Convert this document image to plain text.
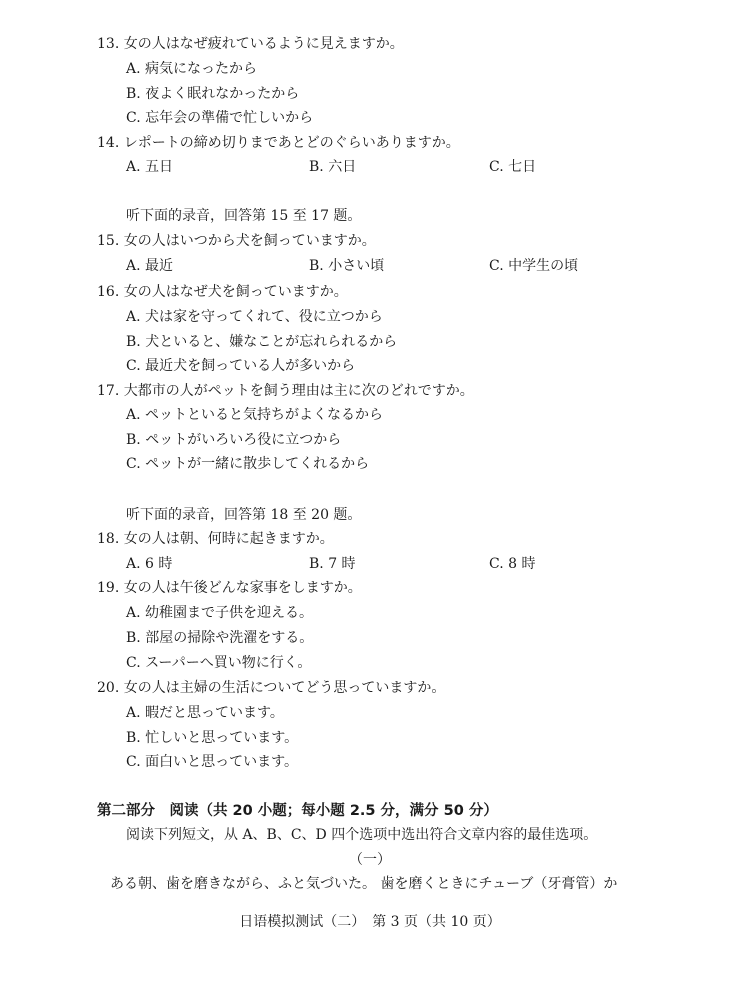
13. 女の人はなぜ疲れているように見えますか。
A. 病気になったから
B. 夜よく眠れなかったから
C. 忘年会の準備で忙しいから
14. レポートの締め切りまであとどのぐらいありますか。
A. 五日	B. 六日	C. 七日
听下面的录音，回答第 15 至 17 题。
15. 女の人はいつから犬を飼っていますか。
A. 最近	B. 小さい頃	C. 中学生の頃
16. 女の人はなぜ犬を飼っていますか。
A. 犬は家を守ってくれて、役に立つから
B. 犬といると、嫌なことが忘れられるから
C. 最近犬を飼っている人が多いから
17. 大都市の人がペットを飼う理由は主に次のどれですか。
A. ペットといると気持ちがよくなるから
B. ペットがいろいろ役に立つから
C. ペットが一緒に散歩してくれるから
听下面的录音，回答第 18 至 20 题。
18. 女の人は朝、何時に起きますか。
A. 6 時	B. 7 時	C. 8 時
19. 女の人は午後どんな家事をしますか。
A. 幼稚園まで子供を迎える。
B. 部屋の掃除や洗濯をする。
C. スーパーへ買い物に行く。
20. 女の人は主婦の生活についてどう思っていますか。
A. 暇だと思っています。
B. 忙しいと思っています。
C. 面白いと思っています。
第二部分　阅读（共 20 小题；每小题 2.5 分，满分 50 分）
阅读下列短文，从 A、B、C、D 四个选项中选出符合文章内容的最佳选项。
（一）
ある朝、歯を磨きながら、ふと気づいた。 歯を磨くときにチューブ（牙膏管）か
日语模拟测试（二）　第 3 页（共 10 页）
